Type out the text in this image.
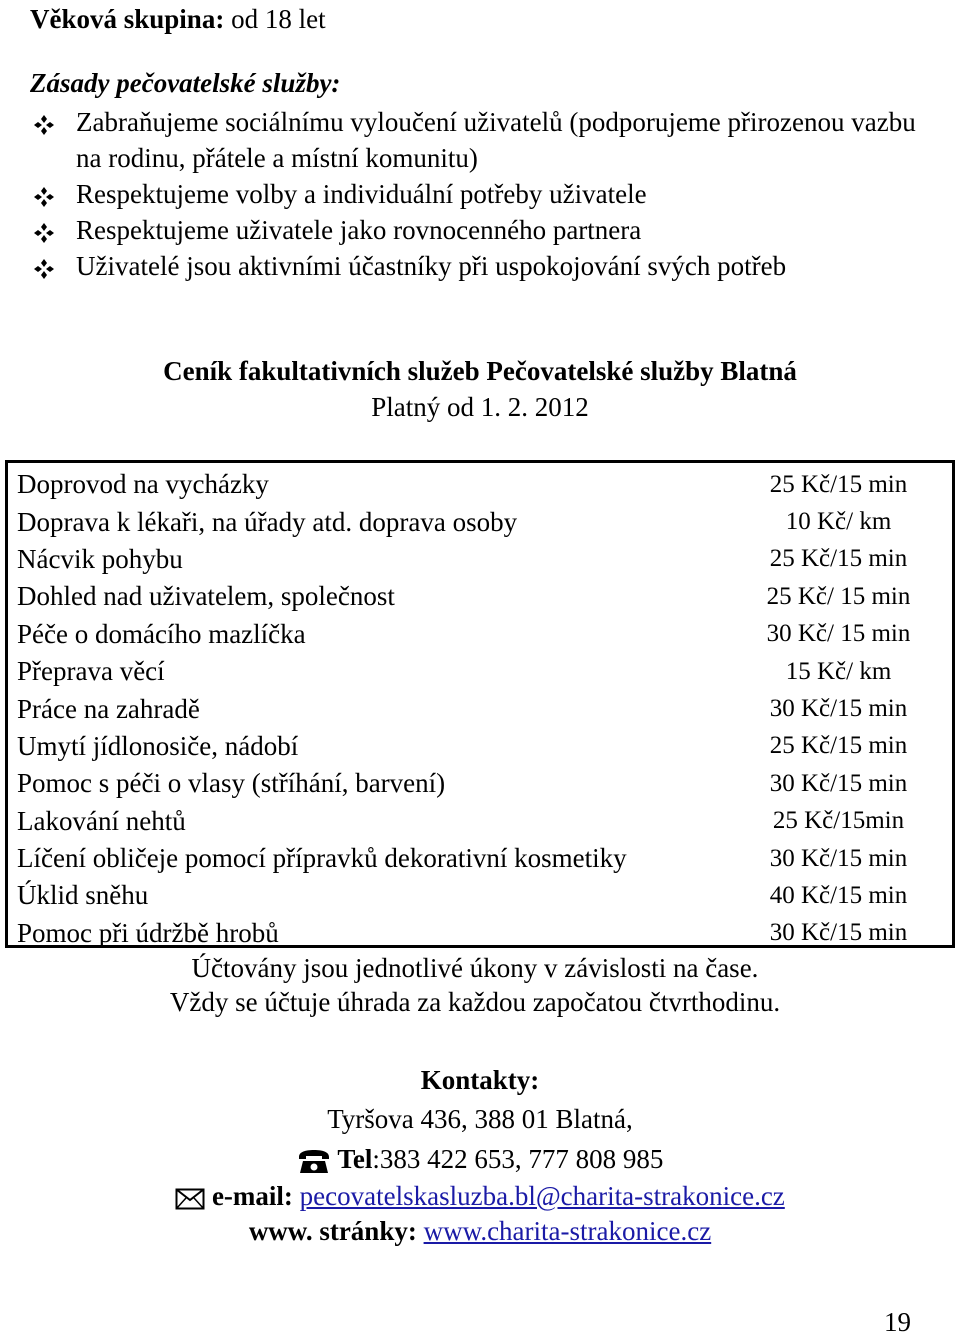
Věková skupina: od 18 let
Zásady pečovatelské služby:
Zabraňujeme sociálnímu vyloučení uživatelů (podporujeme přirozenou vazbu na rodinu, přátele a místní komunitu)
Respektujeme volby a individuální potřeby uživatele
Respektujeme uživatele jako rovnocenného partnera
Uživatelé jsou aktivními účastníky při uspokojování svých potřeb
Ceník fakultativních služeb Pečovatelské služby Blatná
Platný od 1. 2. 2012
Doprovod na vycházky	25 Kč/15 min
Doprava k lékaři, na úřady atd. doprava osoby	10 Kč/ km
Nácvik pohybu	25 Kč/15 min
Dohled nad uživatelem, společnost	25 Kč/ 15 min
Péče o domácího mazlíčka	30 Kč/ 15 min
Přeprava věcí	15 Kč/ km
Práce na zahradě	30 Kč/15 min
Umytí jídlonosiče, nádobí	25 Kč/15 min
Pomoc s péči o vlasy (stříhání, barvení)	30 Kč/15 min
Lakování nehtů	25 Kč/15min
Líčení obličeje pomocí přípravků dekorativní kosmetiky	30 Kč/15 min
Úklid sněhu	40 Kč/15 min
Pomoc při údržbě hrobů	30 Kč/15 min
Účtovány jsou jednotlivé úkony v závislosti na čase.
Vždy se účtuje úhrada za každou započatou čtvrthodinu.
Kontakty:
Tyršova 436, 388 01 Blatná,
Tel:383 422 653, 777 808 985
e-mail: pecovatelskasluzba.bl@charita-strakonice.cz
www. stránky: www.charita-strakonice.cz
19
